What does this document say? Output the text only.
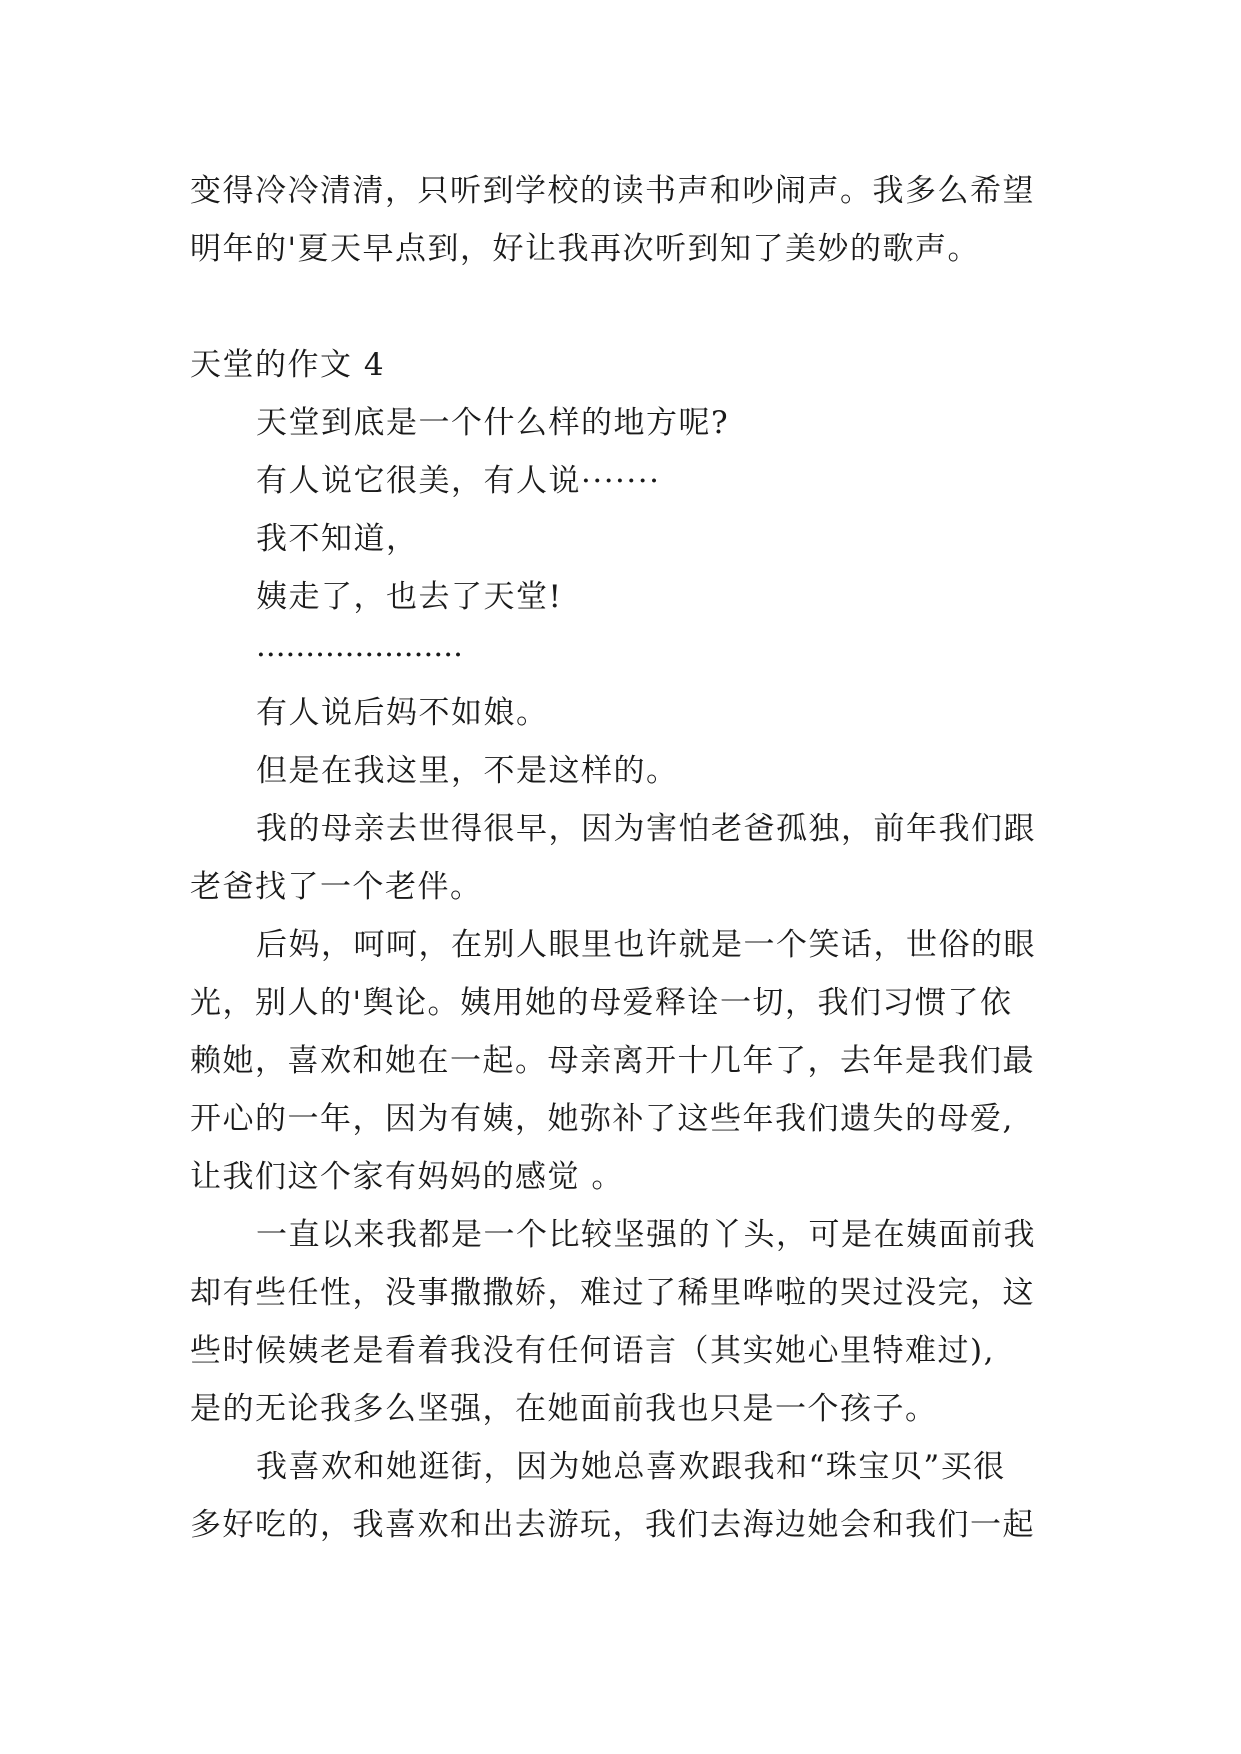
变得冷冷清清，只听到学校的读书声和吵闹声。我多么希望
明年的'夏天早点到，好让我再次听到知了美妙的歌声。
天堂的作文 4
天堂到底是一个什么样的地方呢?
有人说它很美，有人说·······
我不知道，
姨走了，也去了天堂!
·····················
有人说后妈不如娘。
但是在我这里，不是这样的。
我的母亲去世得很早，因为害怕老爸孤独，前年我们跟
老爸找了一个老伴。
后妈，呵呵，在别人眼里也许就是一个笑话，世俗的眼
光，别人的'舆论。姨用她的母爱释诠一切，我们习惯了依
赖她，喜欢和她在一起。母亲离开十几年了，去年是我们最
开心的一年，因为有姨，她弥补了这些年我们遗失的母爱,
让我们这个家有妈妈的感觉 。
一直以来我都是一个比较坚强的丫头，可是在姨面前我
却有些任性，没事撒撒娇，难过了稀里哗啦的哭过没完，这
些时候姨老是看着我没有任何语言（其实她心里特难过),
是的无论我多么坚强，在她面前我也只是一个孩子。
我喜欢和她逛街，因为她总喜欢跟我和“珠宝贝”买很
多好吃的，我喜欢和出去游玩，我们去海边她会和我们一起
